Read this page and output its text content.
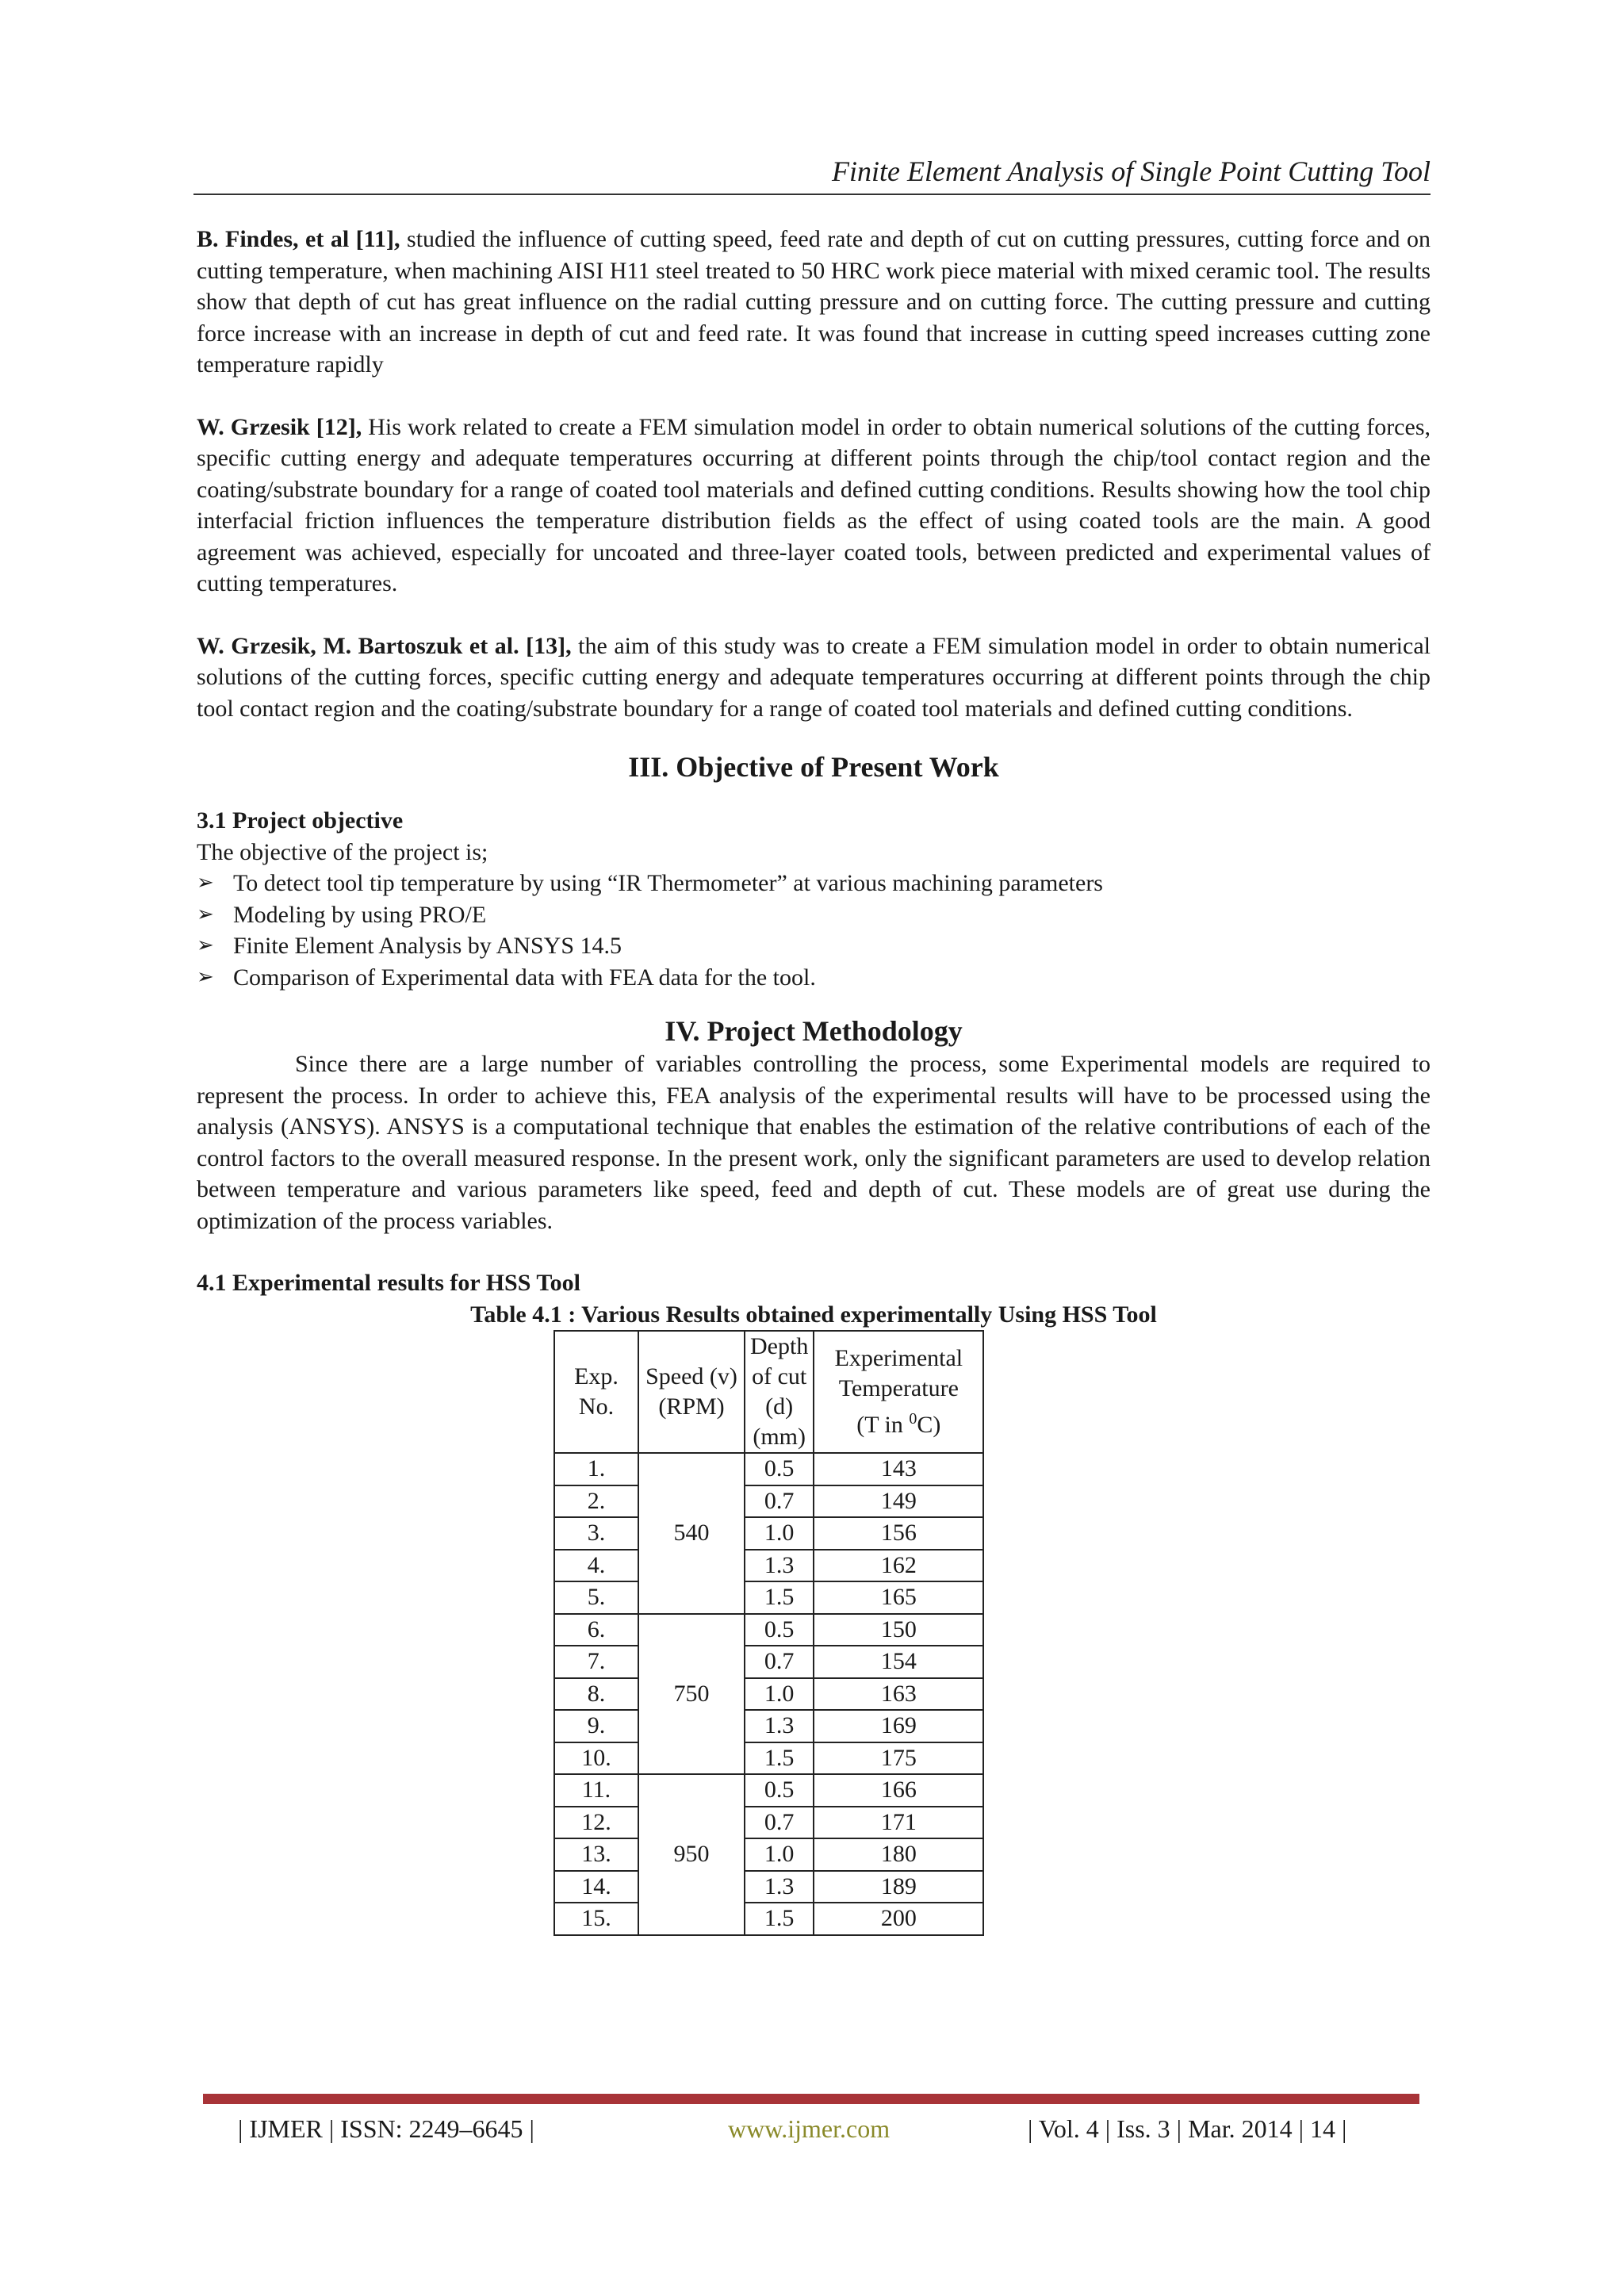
Finite Element Analysis of Single Point Cutting Tool

B. Findes, et al [11], studied the influence of cutting speed, feed rate and depth of cut on cutting pressures, cutting force and on cutting temperature, when machining AISI H11 steel treated to 50 HRC work piece material with mixed ceramic tool. The results show that depth of cut has great influence on the radial cutting pressure and on cutting force. The cutting pressure and cutting force increase with an increase in depth of cut and feed rate. It was found that increase in cutting speed increases cutting zone temperature rapidly

W. Grzesik [12], His work related to create a FEM simulation model in order to obtain numerical solutions of the cutting forces, specific cutting energy and adequate temperatures occurring at different points through the chip/tool contact region and the coating/substrate boundary for a range of coated tool materials and defined cutting conditions. Results showing how the tool chip interfacial friction influences the temperature distribution fields as the effect of using coated tools are the main. A good agreement was achieved, especially for uncoated and three-layer coated tools, between predicted and experimental values of cutting temperatures.

W. Grzesik, M. Bartoszuk et al. [13], the aim of this study was to create a FEM simulation model in order to obtain numerical solutions of the cutting forces, specific cutting energy and adequate temperatures occurring at different points through the chip tool contact region and the coating/substrate boundary for a range of coated tool materials and defined cutting conditions.

III. Objective of Present Work

3.1 Project objective

The objective of the project is;

➢ To detect tool tip temperature by using “IR Thermometer” at various machining parameters
➢ Modeling by using PRO/E
➢ Finite Element Analysis by ANSYS 14.5
➢ Comparison of Experimental data with FEA data for the tool.
IV. Project Methodology

Since there are a large number of variables controlling the process, some Experimental models are required to represent the process. In order to achieve this, FEA analysis of the experimental results will have to be processed using the analysis (ANSYS). ANSYS is a computational technique that enables the estimation of the relative contributions of each of the control factors to the overall measured response. In the present work, only the significant parameters are used to develop relation between temperature and various parameters like speed, feed and depth of cut. These models are of great use during the optimization of the process variables.

4.1 Experimental results for HSS Tool

Table 4.1 : Various Results obtained experimentally Using HSS Tool

Exp.
No.	Speed (v)
(RPM)	Depth
of cut
(d)
(mm)	Experimental
Temperature
(T in $^0$C)
1.	540	0.5	143
2.		0.7	149
3.		1.0	156
4.		1.3	162
5.		1.5	165
6.	750	0.5	150
7.		0.7	154
8.		1.0	163
9.		1.3	169
10.		1.5	175
11.	950	0.5	166
12.		0.7	171
13.		1.0	180
14.		1.3	189
15.		1.5	200
| IJMER | ISSN: 2249–6645 |	www.ijmer.com	| Vol. 4 | Iss. 3 | Mar. 2014 | 14 |
